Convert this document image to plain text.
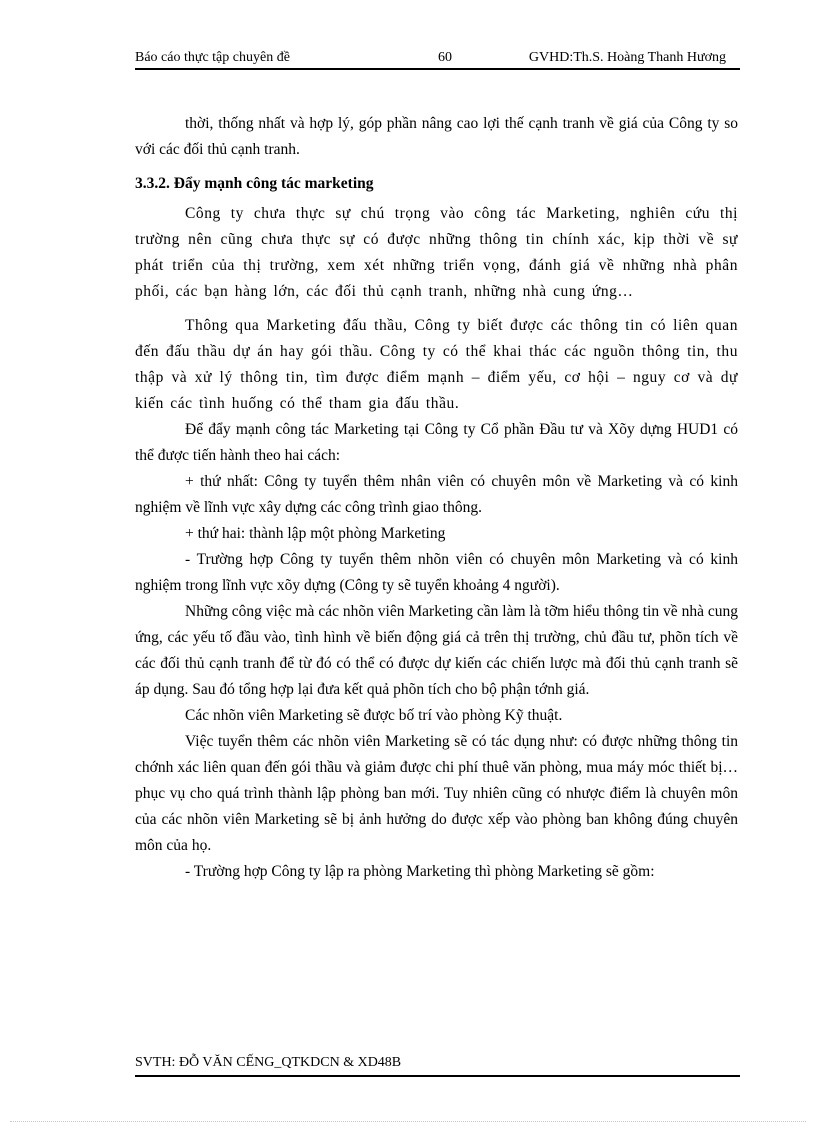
Báo cáo thực tập chuyên đề	60	GVHD:Th.S. Hoàng Thanh Hương

thời, thống nhất và hợp lý, góp phần nâng cao lợi thế cạnh tranh về giá của Công ty so với các đối thủ cạnh tranh.

3.3.2. Đẩy mạnh công tác marketing

Công ty chưa thực sự chú trọng vào công tác Marketing, nghiên cứu thị trường nên cũng chưa thực sự có được những thông tin chính xác, kịp thời về sự phát triển của thị trường, xem xét những triển vọng, đánh giá về những nhà phân phối, các bạn hàng lớn, các đối thủ cạnh tranh, những nhà cung ứng…

Thông qua Marketing đấu thầu, Công ty biết được các thông tin có liên quan đến đấu thầu dự án hay gói thầu. Công ty có thể khai thác các nguồn thông tin, thu thập và xử lý thông tin, tìm được điểm mạnh – điểm yếu, cơ hội – nguy cơ và dự kiến các tình huống có thể tham gia đấu thầu.

Để đẩy mạnh công tác Marketing tại Công ty Cổ phần Đầu tư và Xõy dựng HUD1 có thể được tiến hành theo hai cách:

+ thứ nhất: Công ty tuyển thêm nhân viên có chuyên môn về Marketing và có kinh nghiệm về lĩnh vực xây dựng các công trình giao thông.

+ thứ hai: thành lập một phòng Marketing

- Trường hợp Công ty tuyển thêm nhõn viên có chuyên môn Marketing và có kinh nghiệm trong lĩnh vực xõy dựng (Công ty sẽ tuyển khoảng 4 người).

Những công việc mà các nhõn viên Marketing cần làm là tỡm hiểu thông tin về nhà cung ứng, các yếu tố đầu vào, tình hình về biến động giá cả trên thị trường, chủ đầu tư, phõn tích về các đối thủ cạnh tranh để từ đó có thể có được dự kiến các chiến lược mà đối thủ cạnh tranh sẽ áp dụng. Sau đó tổng hợp lại đưa kết quả phõn tích cho bộ phận tớnh giá.

Các nhõn viên Marketing sẽ được bố trí vào phòng Kỹ thuật.

Việc tuyển thêm các nhõn viên Marketing sẽ có tác dụng như: có được những thông tin chớnh xác liên quan đến gói thầu và giảm được chi phí thuê văn phòng, mua máy móc thiết bị…phục vụ cho quá trình thành lập phòng ban mới. Tuy nhiên cũng có nhược điểm là chuyên môn của các nhõn viên Marketing sẽ bị ảnh hưởng do được xếp vào phòng ban không đúng chuyên môn của họ.

- Trường hợp Công ty lập ra phòng Marketing thì phòng Marketing sẽ gồm:

SVTH: ĐỖ VĂN CẾNG_QTKDCN & XD48B
